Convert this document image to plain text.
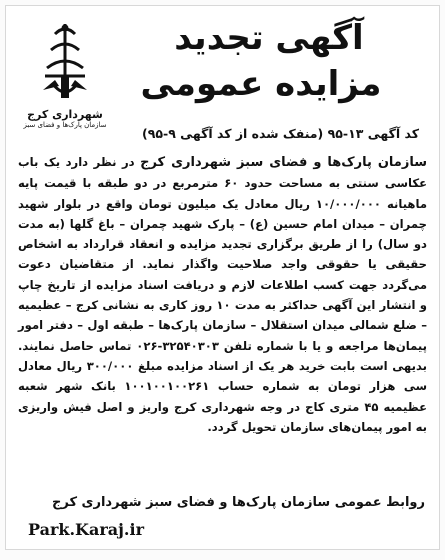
شهرداری کرج
سازمان پارک‌ها و فضای سبز
آگهی تجدید
مزایده عمومی
کد آگهی ۱۳-۹۵ (منفک شده از کد آگهی ۹-۹۵)
سازمان پارک‌ها و فضای سبز شهرداری کرج در نظر دارد یک باب عکاسی سنتی به مساحت حدود ۶۰ مترمربع در دو طبقه با قیمت پایه ماهیانه ۱۰/۰۰۰/۰۰۰ ریال معادل یک میلیون تومان واقع در بلوار شهید چمران – میدان امام حسین (ع) – پارک شهید چمران – باغ گلها (به مدت دو سال) را از طریق برگزاری تجدید مزایده و انعقاد قرارداد به اشخاص حقیقی یا حقوقی واجد صلاحیت واگذار نماید. از متقاضیان دعوت می‌گردد جهت کسب اطلاعات لازم و دریافت اسناد مزایده از تاریخ چاپ و انتشار این آگهی حداکثر به مدت ۱۰ روز کاری به نشانی کرج – عظیمیه – ضلع شمالی میدان استقلال – سازمان پارک‌ها – طبقه اول – دفتر امور پیمان‌ها مراجعه و یا با شماره تلفن ۳۲۵۴۰۳۰۳-۰۲۶ تماس حاصل نمایند. بدیهی است بابت خرید هر یک از اسناد مزایده مبلغ ۳۰۰/۰۰۰ ریال معادل سی هزار تومان به شماره حساب ۱۰۰۱۰۰۱۰۰۲۶۱ بانک شهر شعبه عظیمیه ۴۵ متری کاج در وجه شهرداری کرج واریز و اصل فیش واریزی به امور پیمان‌های سازمان تحویل گردد.
روابط عمومی سازمان پارک‌ها و فضای سبز شهرداری کرج
Park.Karaj.ir
